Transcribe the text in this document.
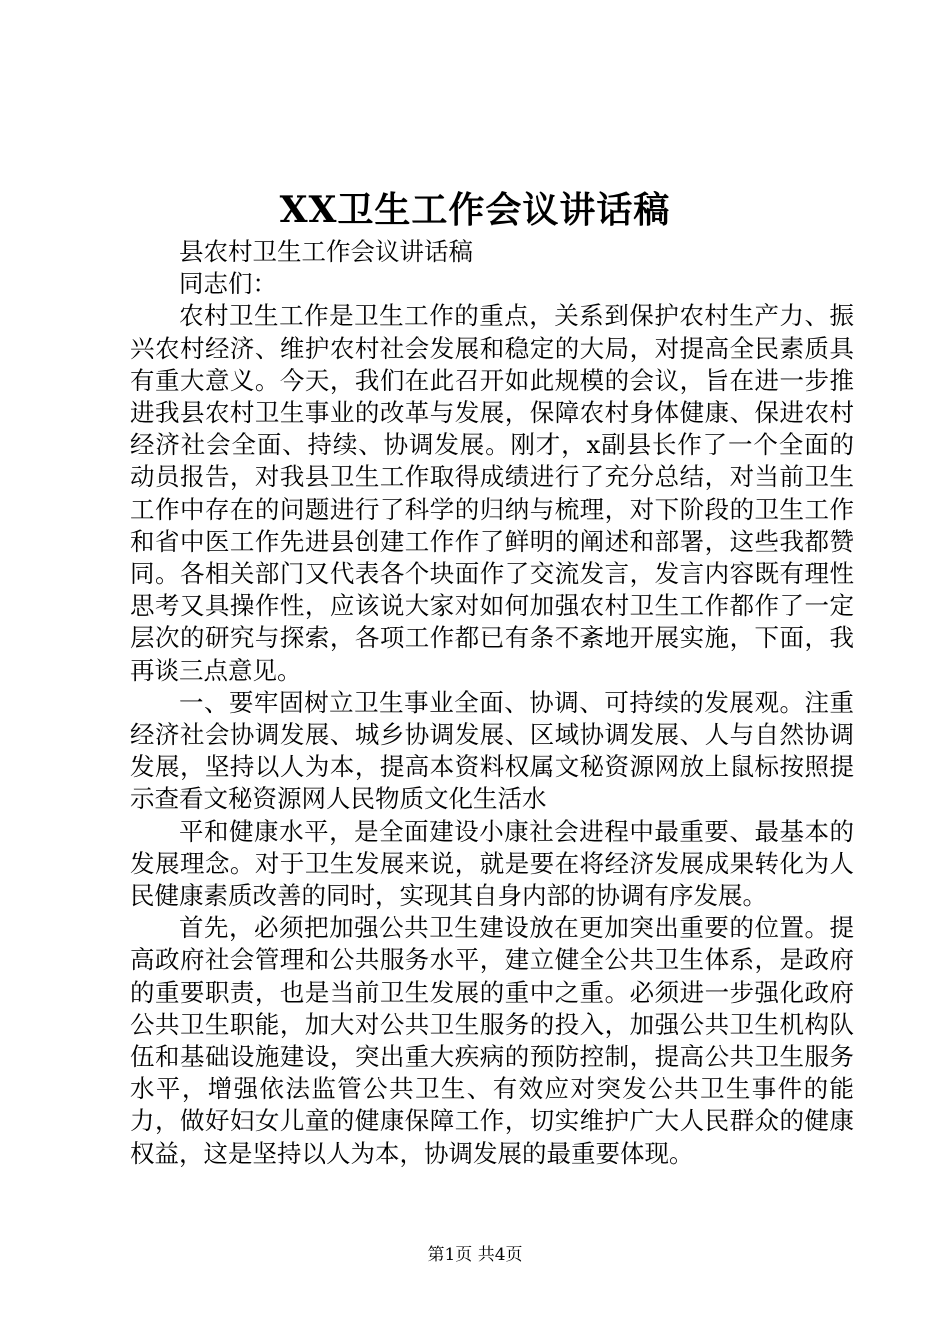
XX卫生工作会议讲话稿

县农村卫生工作会议讲话稿

同志们：

农村卫生工作是卫生工作的重点，关系到保护农村生产力、振兴农村经济、维护农村社会发展和稳定的大局，对提高全民素质具有重大意义。今天，我们在此召开如此规模的会议，旨在进一步推进我县农村卫生事业的改革与发展，保障农村身体健康、保进农村经济社会全面、持续、协调发展。刚才，x副县长作了一个全面的动员报告，对我县卫生工作取得成绩进行了充分总结，对当前卫生工作中存在的问题进行了科学的归纳与梳理，对下阶段的卫生工作和省中医工作先进县创建工作作了鲜明的阐述和部署，这些我都赞同。各相关部门又代表各个块面作了交流发言，发言内容既有理性思考又具操作性，应该说大家对如何加强农村卫生工作都作了一定层次的研究与探索，各项工作都已有条不紊地开展实施，下面，我再谈三点意见。

一、要牢固树立卫生事业全面、协调、可持续的发展观。注重经济社会协调发展、城乡协调发展、区域协调发展、人与自然协调发展，坚持以人为本，提高本资料权属文秘资源网放上鼠标按照提示查看文秘资源网人民物质文化生活水

平和健康水平，是全面建设小康社会进程中最重要、最基本的发展理念。对于卫生发展来说，就是要在将经济发展成果转化为人民健康素质改善的同时，实现其自身内部的协调有序发展。

首先，必须把加强公共卫生建设放在更加突出重要的位置。提高政府社会管理和公共服务水平，建立健全公共卫生体系，是政府的重要职责，也是当前卫生发展的重中之重。必须进一步强化政府公共卫生职能，加大对公共卫生服务的投入，加强公共卫生机构队伍和基础设施建设，突出重大疾病的预防控制，提高公共卫生服务水平，增强依法监管公共卫生、有效应对突发公共卫生事件的能力，做好妇女儿童的健康保障工作，切实维护广大人民群众的健康权益，这是坚持以人为本，协调发展的最重要体现。

第1页 共4页
